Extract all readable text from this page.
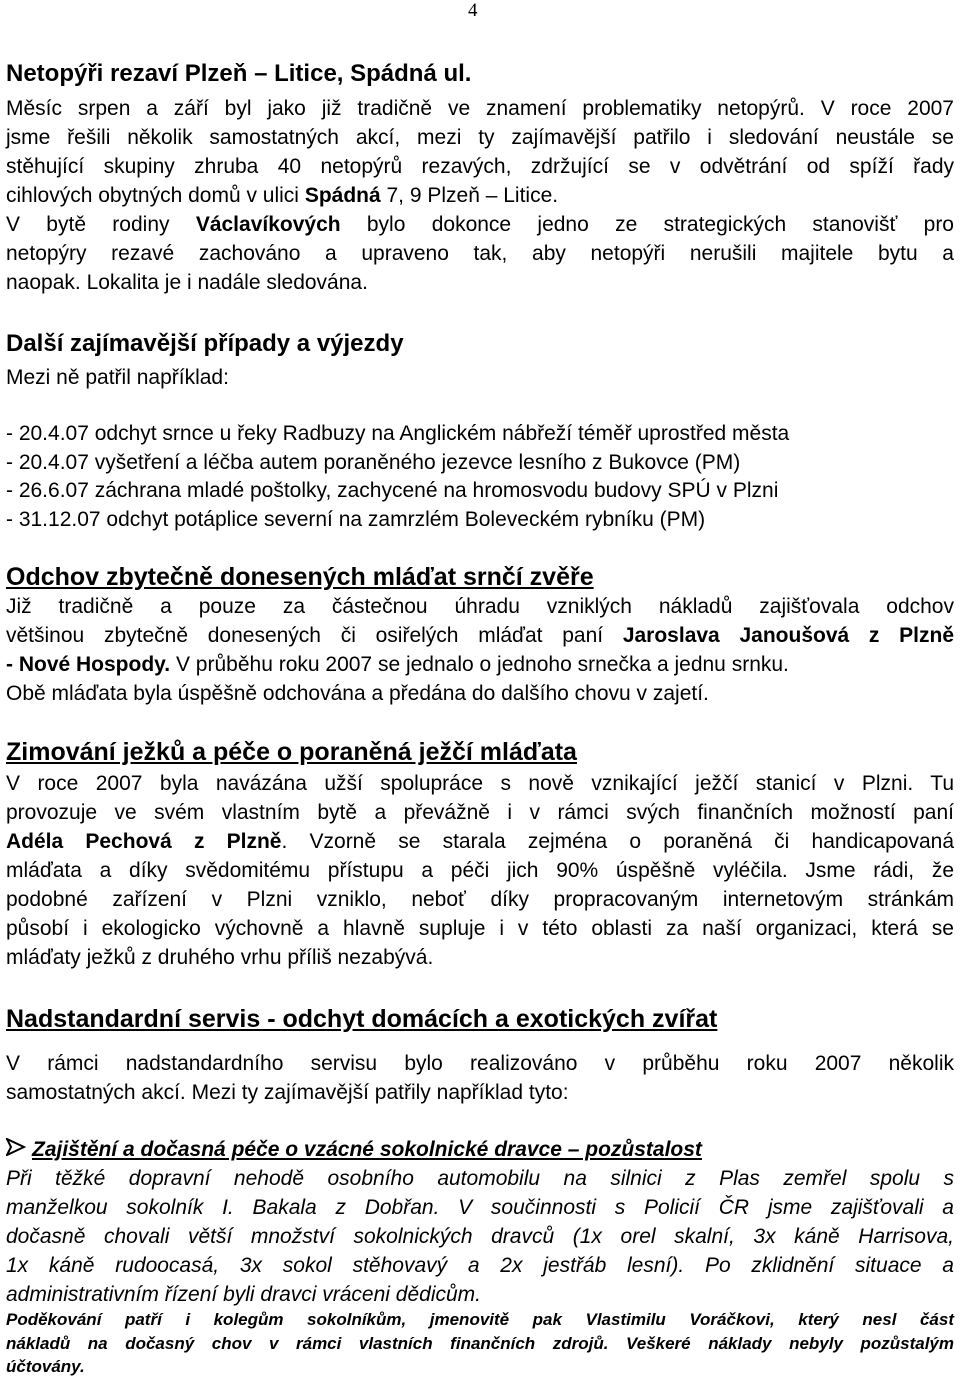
4
Netopýři rezaví Plzeň – Litice, Spádná ul.
Měsíc srpen a září byl jako již tradičně ve znamení problematiky netopýrů. V roce 2007
jsme řešili několik samostatných akcí, mezi ty zajímavější patřilo i sledování neustále se
stěhující skupiny zhruba 40 netopýrů rezavých, zdržující se v odvětrání od spíží řady
cihlových obytných domů v ulici Spádná 7, 9 Plzeň – Litice.
V bytě rodiny Václavíkových bylo dokonce jedno ze strategických stanovišť pro
netopýry rezavé zachováno a upraveno tak, aby netopýři nerušili majitele bytu a
naopak. Lokalita je i nadále sledována.
Další zajímavější případy a výjezdy
Mezi ně patřil například:
- 20.4.07 odchyt srnce u řeky Radbuzy na Anglickém nábřeží téměř uprostřed města
- 20.4.07 vyšetření a léčba autem poraněného jezevce lesního z Bukovce (PM)
- 26.6.07 záchrana mladé poštolky, zachycené na hromosvodu budovy SPÚ v Plzni
- 31.12.07 odchyt potáplice severní na zamrzlém Boleveckém rybníku (PM)
Odchov zbytečně donesených mláďat srnčí zvěře
Již tradičně a pouze za částečnou úhradu vzniklých nákladů zajišťovala odchov
většinou zbytečně donesených či osiřelých mláďat paní Jaroslava Janoušová z Plzně
- Nové Hospody. V průběhu roku 2007 se jednalo o jednoho srnečka a jednu srnku.
Obě mláďata byla úspěšně odchována a předána do dalšího chovu v zajetí.
Zimování ježků a péče o poraněná ježčí mláďata
V roce 2007 byla navázána užší spolupráce s nově vznikající ježčí stanicí v Plzni. Tu
provozuje ve svém vlastním bytě a převážně i v rámci svých finančních možností paní
Adéla Pechová z Plzně. Vzorně se starala zejména o poraněná či handicapovaná
mláďata a díky svědomitému přístupu a péči jich 90% úspěšně vyléčila. Jsme rádi, že
podobné zařízení v Plzni vzniklo, neboť díky propracovaným internetovým stránkám
působí i ekologicko výchovně a hlavně supluje i v této oblasti za naší organizaci, která se
mláďaty ježků z druhého vrhu příliš nezabývá.
Nadstandardní servis - odchyt domácích a exotických zvířat
V rámci nadstandardního servisu bylo realizováno v průběhu roku 2007 několik
samostatných akcí. Mezi ty zajímavější patřily například tyto:
Zajištění a dočasná péče o vzácné sokolnické dravce – pozůstalost
Při těžké dopravní nehodě osobního automobilu na silnici z Plas zemřel spolu s
manželkou sokolník I. Bakala z Dobřan. V součinnosti s Policií ČR jsme zajišťovali a
dočasně chovali větší množství sokolnických dravců (1x orel skalní, 3x káně Harrisova,
1x káně rudoocasá, 3x sokol stěhovavý a 2x jestřáb lesní). Po zklidnění situace a
administrativním řízení byli dravci vráceni dědicům.
Poděkování patří i kolegům sokolníkům, jmenovitě pak Vlastimilu Voráčkovi, který nesl část
nákladů na dočasný chov v rámci vlastních finančních zdrojů. Veškeré náklady nebyly pozůstalým
účtovány.
